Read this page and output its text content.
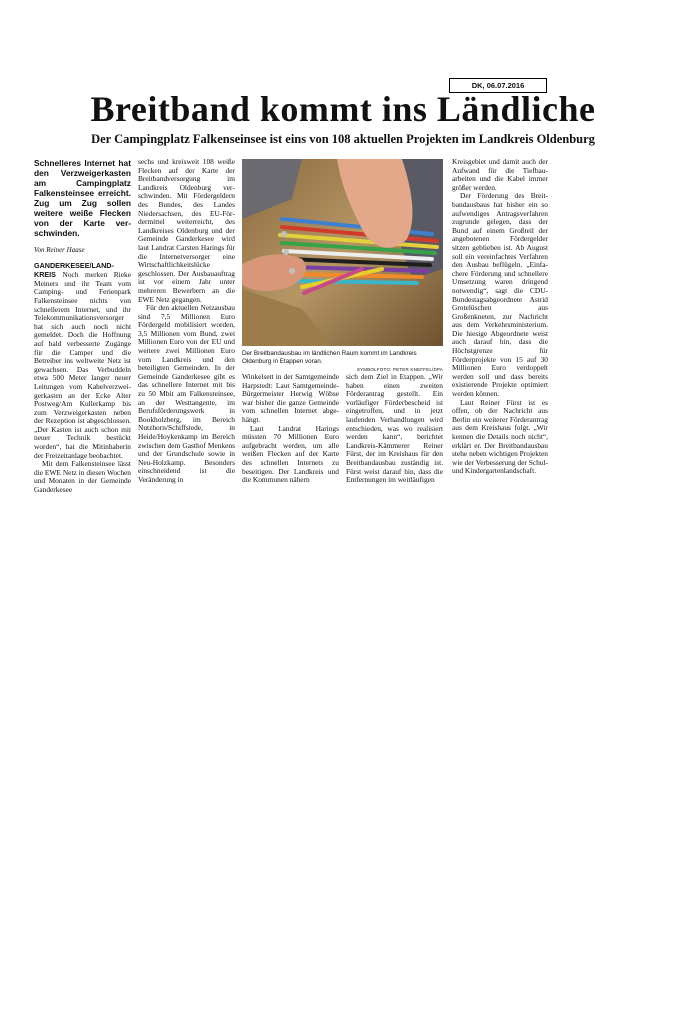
DK, 06.07.2016
Breitband kommt ins Ländliche
Der Campingplatz Falkenseinsee ist eins von 108 aktuellen Projekten im Landkreis Oldenburg
Schnelleres Internet hat den Verzweigerkasten am Campingplatz Falkensteinsee erreicht. Zug um Zug sollen weitere weiße Flecken von der Karte verschwinden.
Von Reiner Haase

GANDERKESEE/LANDKREIS Noch merken Rieke Meiners und ihr Team vom Camping- und Ferienpark Falkensteinsee nichts von schnellerem Internet, und ihr Telekommunikationsversorger hat sich auch noch nicht gemeldet. Doch die Hoffnung auf bald verbesserte Zugänge für die Camper und die Betreiber ins weltweite Netz ist gewachsen. Das Verbuddeln etwa 500 Meter langer neuer Leitungen vom Kabelverzweigerkasten an der Ecke Alter Postweg/Am Kullerkamp bis zum Verzweigerkasten neben der Rezeption ist abgeschlossen. „Der Kasten ist auch schon mit neuer Technik bestückt worden“, hat die Mitinhaberin der Freizeitanlage beobachtet.

Mit dem Falkensteinsee lässt die EWE Netz in diesen Wochen und Monaten in der Gemeinde Ganderkesee

sechs und kreisweit 108 weiße Flecken auf der Karte der Breitbandversorgung im Landkreis Oldenburg verschwinden. Mit Fördergeldern des Bundes, des Landes Niedersachsen, des EU-Fördermittel weiterreicht, des Landkreises Oldenburg und der Gemeinde Ganderkesee wird laut Landrat Carsten Harings für die Internetversorger eine Wirtschaftlichkeitslücke geschlossen. Der Ausbauauftrag ist vor einem Jahr unter mehreren Bewerbern an die EWE Netz gegangen.

Für den aktuellen Netzausbau sind 7,5 Millionen Euro Fördergeld mobilisiert worden, 3,5 Millionen vom Bund, zwei Millionen Euro von der EU und weitere zwei Millionen Euro vom Landkreis und den beteiligten Gemeinden. In der Gemeinde Ganderkesee gibt es das schnellere Internet mit bis zu 50 Mbit am Falkensteinsee, an der Westtangente, im Berufsförderungswerk in Bookholzberg, im Bereich Nutzhorn/Schiffstede, in Heide/Hoykenkamp im Bereich zwischen dem Gasthof Menkens und der Grundschule sowie in Neu-Holzkamp. Besonders einschneidend ist die Veränderung in

Der Breitbandausbau im ländlichen Raum kommt im Landkreis Oldenburg in Etappen voran.
SYMBOLFOTO: PETER KNEFFEL/DPA

Winkelsett in der Samtgemeinde Harpstedt: Laut Samtgemeinde-Bürgermeister Herwig Wöbse war bisher die ganze Gemeinde vom schnellen Internet abgehängt.

Laut Landrat Harings müssten 70 Millionen Euro aufgebracht werden, um alle weißen Flecken auf der Karte des schnellen Internets zu beseitigen. Der Landkreis und die Kommunen nähern

sich dem Ziel in Etappen. „Wir haben einen zweiten Förderantrag gestellt. Ein vorläufiger Förderbescheid ist eingetroffen, und in jetzt laufenden Verhandlungen wird entschieden, was wo realisiert werden kann“, berichtet Landkreis-Kämmerer Reiner Fürst, der im Kreishaus für den Breitbandausbau zuständig ist. Fürst weist darauf hin, dass die Entfernungen im weitläufigen

Kreisgebiet und damit auch der Aufwand für die Tiefbauarbeiten und die Kabel immer größer werden.

Der Förderung des Breitbandausbaus hat bisher ein so aufwendiges Antragsverfahren zugrunde gelegen, dass der Bund auf einem Großteil der angebotenen Fördergelder sitzen geblieben ist. Ab August soll ein vereinfachtes Verfahren den Ausbau beflügeln. „Einfachere Förderung und schnellere Umsetzung waren dringend notwendig“, sagt die CDU-Bundestagsabgeordnete Astrid Grotelüschen aus Großenkneten, zur Nachricht aus dem Verkehrsministerium. Die hiesige Abgeordnete weist auch darauf hin, dass die Höchstgrenze für Förderprojekte von 15 auf 30 Millionen Euro verdoppelt werden soll und dass bereits existierende Projekte optimiert werden können.

Laut Reiner Fürst ist es offen, ob der Nachricht aus Berlin ein weiterer Förderantrag aus dem Kreishaus folgt. „Wir kennen die Details noch nicht“, erklärt er. Der Breitbandausbau stehe neben wichtigen Projekten wie der Verbesserung der Schul- und Kindergartenlandschaft.
